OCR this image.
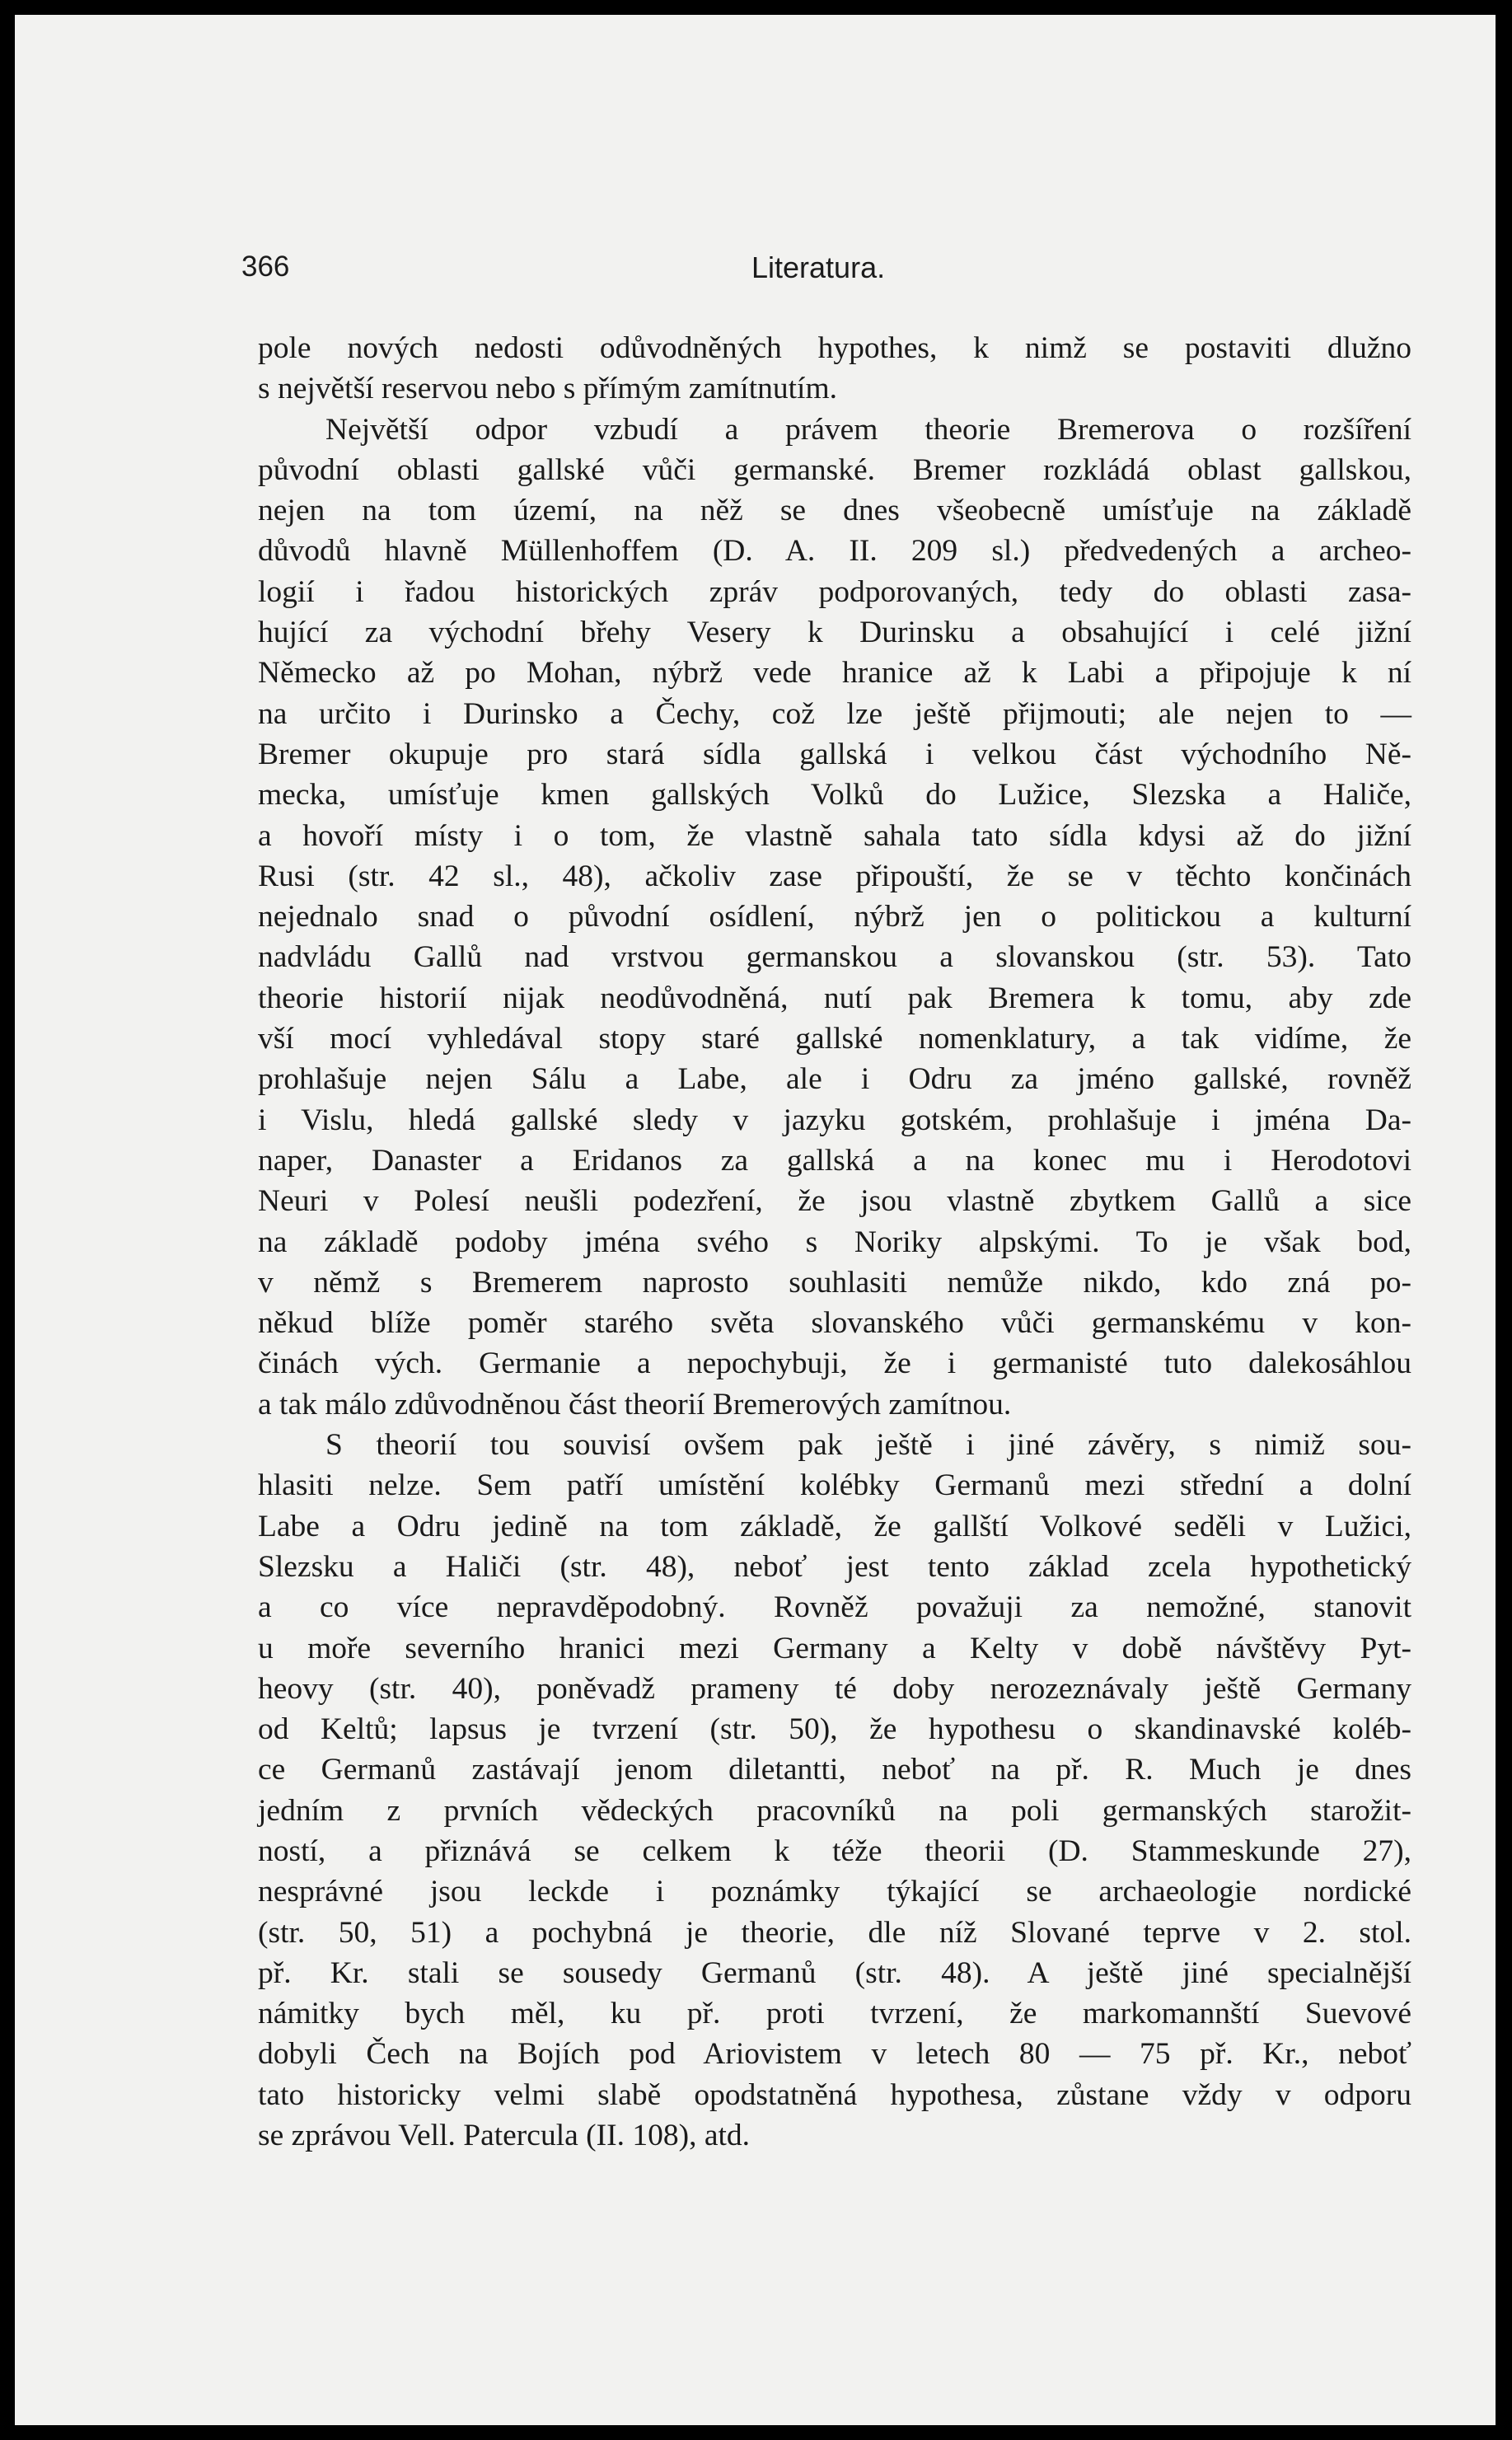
366	Literatura.
pole nových nedosti odůvodněných hypothes, k nimž se postaviti dlužno
s největší reservou nebo s přímým zamítnutím.
Největší odpor vzbudí a právem theorie Bremerova o rozšíření
původní oblasti gallské vůči germanské. Bremer rozkládá oblast gallskou,
nejen na tom území, na něž se dnes všeobecně umísťuje na základě
důvodů hlavně Müllenhoffem (D. A. II. 209 sl.) předvedených a archeo-
logií i řadou historických zpráv podporovaných, tedy do oblasti zasa-
hující za východní břehy Vesery k Durinsku a obsahující i celé jižní
Německo až po Mohan, nýbrž vede hranice až k Labi a připojuje k ní
na určito i Durinsko a Čechy, což lze ještě přijmouti; ale nejen to —
Bremer okupuje pro stará sídla gallská i velkou část východního Ně-
mecka, umísťuje kmen gallských Volků do Lužice, Slezska a Haliče,
a hovoří místy i o tom, že vlastně sahala tato sídla kdysi až do jižní
Rusi (str. 42 sl., 48), ačkoliv zase připouští, že se v těchto končinách
nejednalo snad o původní osídlení, nýbrž jen o politickou a kulturní
nadvládu Gallů nad vrstvou germanskou a slovanskou (str. 53). Tato
theorie historií nijak neodůvodněná, nutí pak Bremera k tomu, aby zde
vší mocí vyhledával stopy staré gallské nomenklatury, a tak vidíme, že
prohlašuje nejen Sálu a Labe, ale i Odru za jméno gallské, rovněž
i Vislu, hledá gallské sledy v jazyku gotském, prohlašuje i jména Da-
naper, Danaster a Eridanos za gallská a na konec mu i Herodotovi
Neuri v Polesí neušli podezření, že jsou vlastně zbytkem Gallů a sice
na základě podoby jména svého s Noriky alpskými. To je však bod,
v němž s Bremerem naprosto souhlasiti nemůže nikdo, kdo zná po-
někud blíže poměr starého světa slovanského vůči germanskému v kon-
činách vých. Germanie a nepochybuji, že i germanisté tuto dalekosáhlou
a tak málo zdůvodněnou část theorií Bremerových zamítnou.
S theorií tou souvisí ovšem pak ještě i jiné závěry, s nimiž sou-
hlasiti nelze. Sem patří umístění kolébky Germanů mezi střední a dolní
Labe a Odru jedině na tom základě, že gallští Volkové seděli v Lužici,
Slezsku a Haliči (str. 48), neboť jest tento základ zcela hypothetický
a co více nepravděpodobný. Rovněž považuji za nemožné, stanovit
u moře severního hranici mezi Germany a Kelty v době návštěvy Pyt-
heovy (str. 40), poněvadž prameny té doby nerozeznávaly ještě Germany
od Keltů; lapsus je tvrzení (str. 50), že hypothesu o skandinavské koléb-
ce Germanů zastávají jenom diletantti, neboť na př. R. Much je dnes
jedním z prvních vědeckých pracovníků na poli germanských starožit-
ností, a přiznává se celkem k téže theorii (D. Stammeskunde 27),
nesprávné jsou leckde i poznámky týkající se archaeologie nordické
(str. 50, 51) a pochybná je theorie, dle níž Slované teprve v 2. stol.
př. Kr. stali se sousedy Germanů (str. 48). A ještě jiné specialnější
námitky bych měl, ku př. proti tvrzení, že markomannští Suevové
dobyli Čech na Bojích pod Ariovistem v letech 80 — 75 př. Kr., neboť
tato historicky velmi slabě opodstatněná hypothesa, zůstane vždy v odporu
se zprávou Vell. Patercula (II. 108), atd.
